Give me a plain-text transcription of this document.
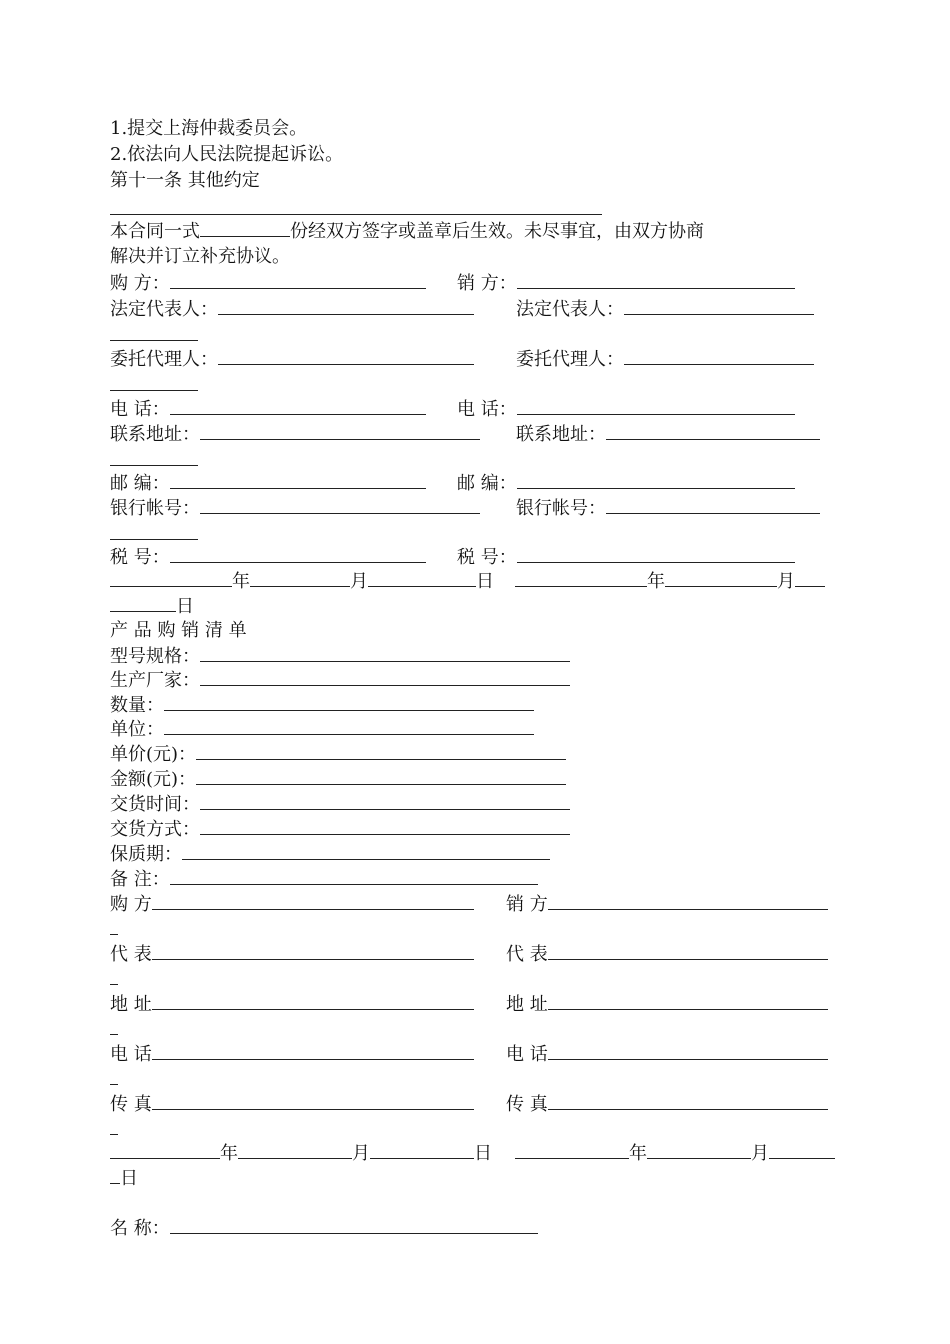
1.提交上海仲裁委员会。
2.依法向人民法院提起诉讼。
第十一条 其他约定
本合同一式	份经双方签字或盖章后生效。未尽事宜，由双方协商
解决并订立补充协议。
购 方：	销 方：
法定代表人：	法定代表人：
委托代理人：	委托代理人：
电 话：	电 话：
联系地址：	联系地址：
邮 编：	邮 编：
银行帐号：	银行帐号：
税 号：	税 号：
年	月	日	年	月
日
产 品 购 销 清 单
型号规格：
生产厂家：
数量：
单位：
单价(元)：
金额(元)：
交货时间：
交货方式：
保质期：
备 注：
购 方	销 方
代 表	代 表
地 址	地 址
电 话	电 话
传 真	传 真
年	月	日	年	月
日
名 称：
